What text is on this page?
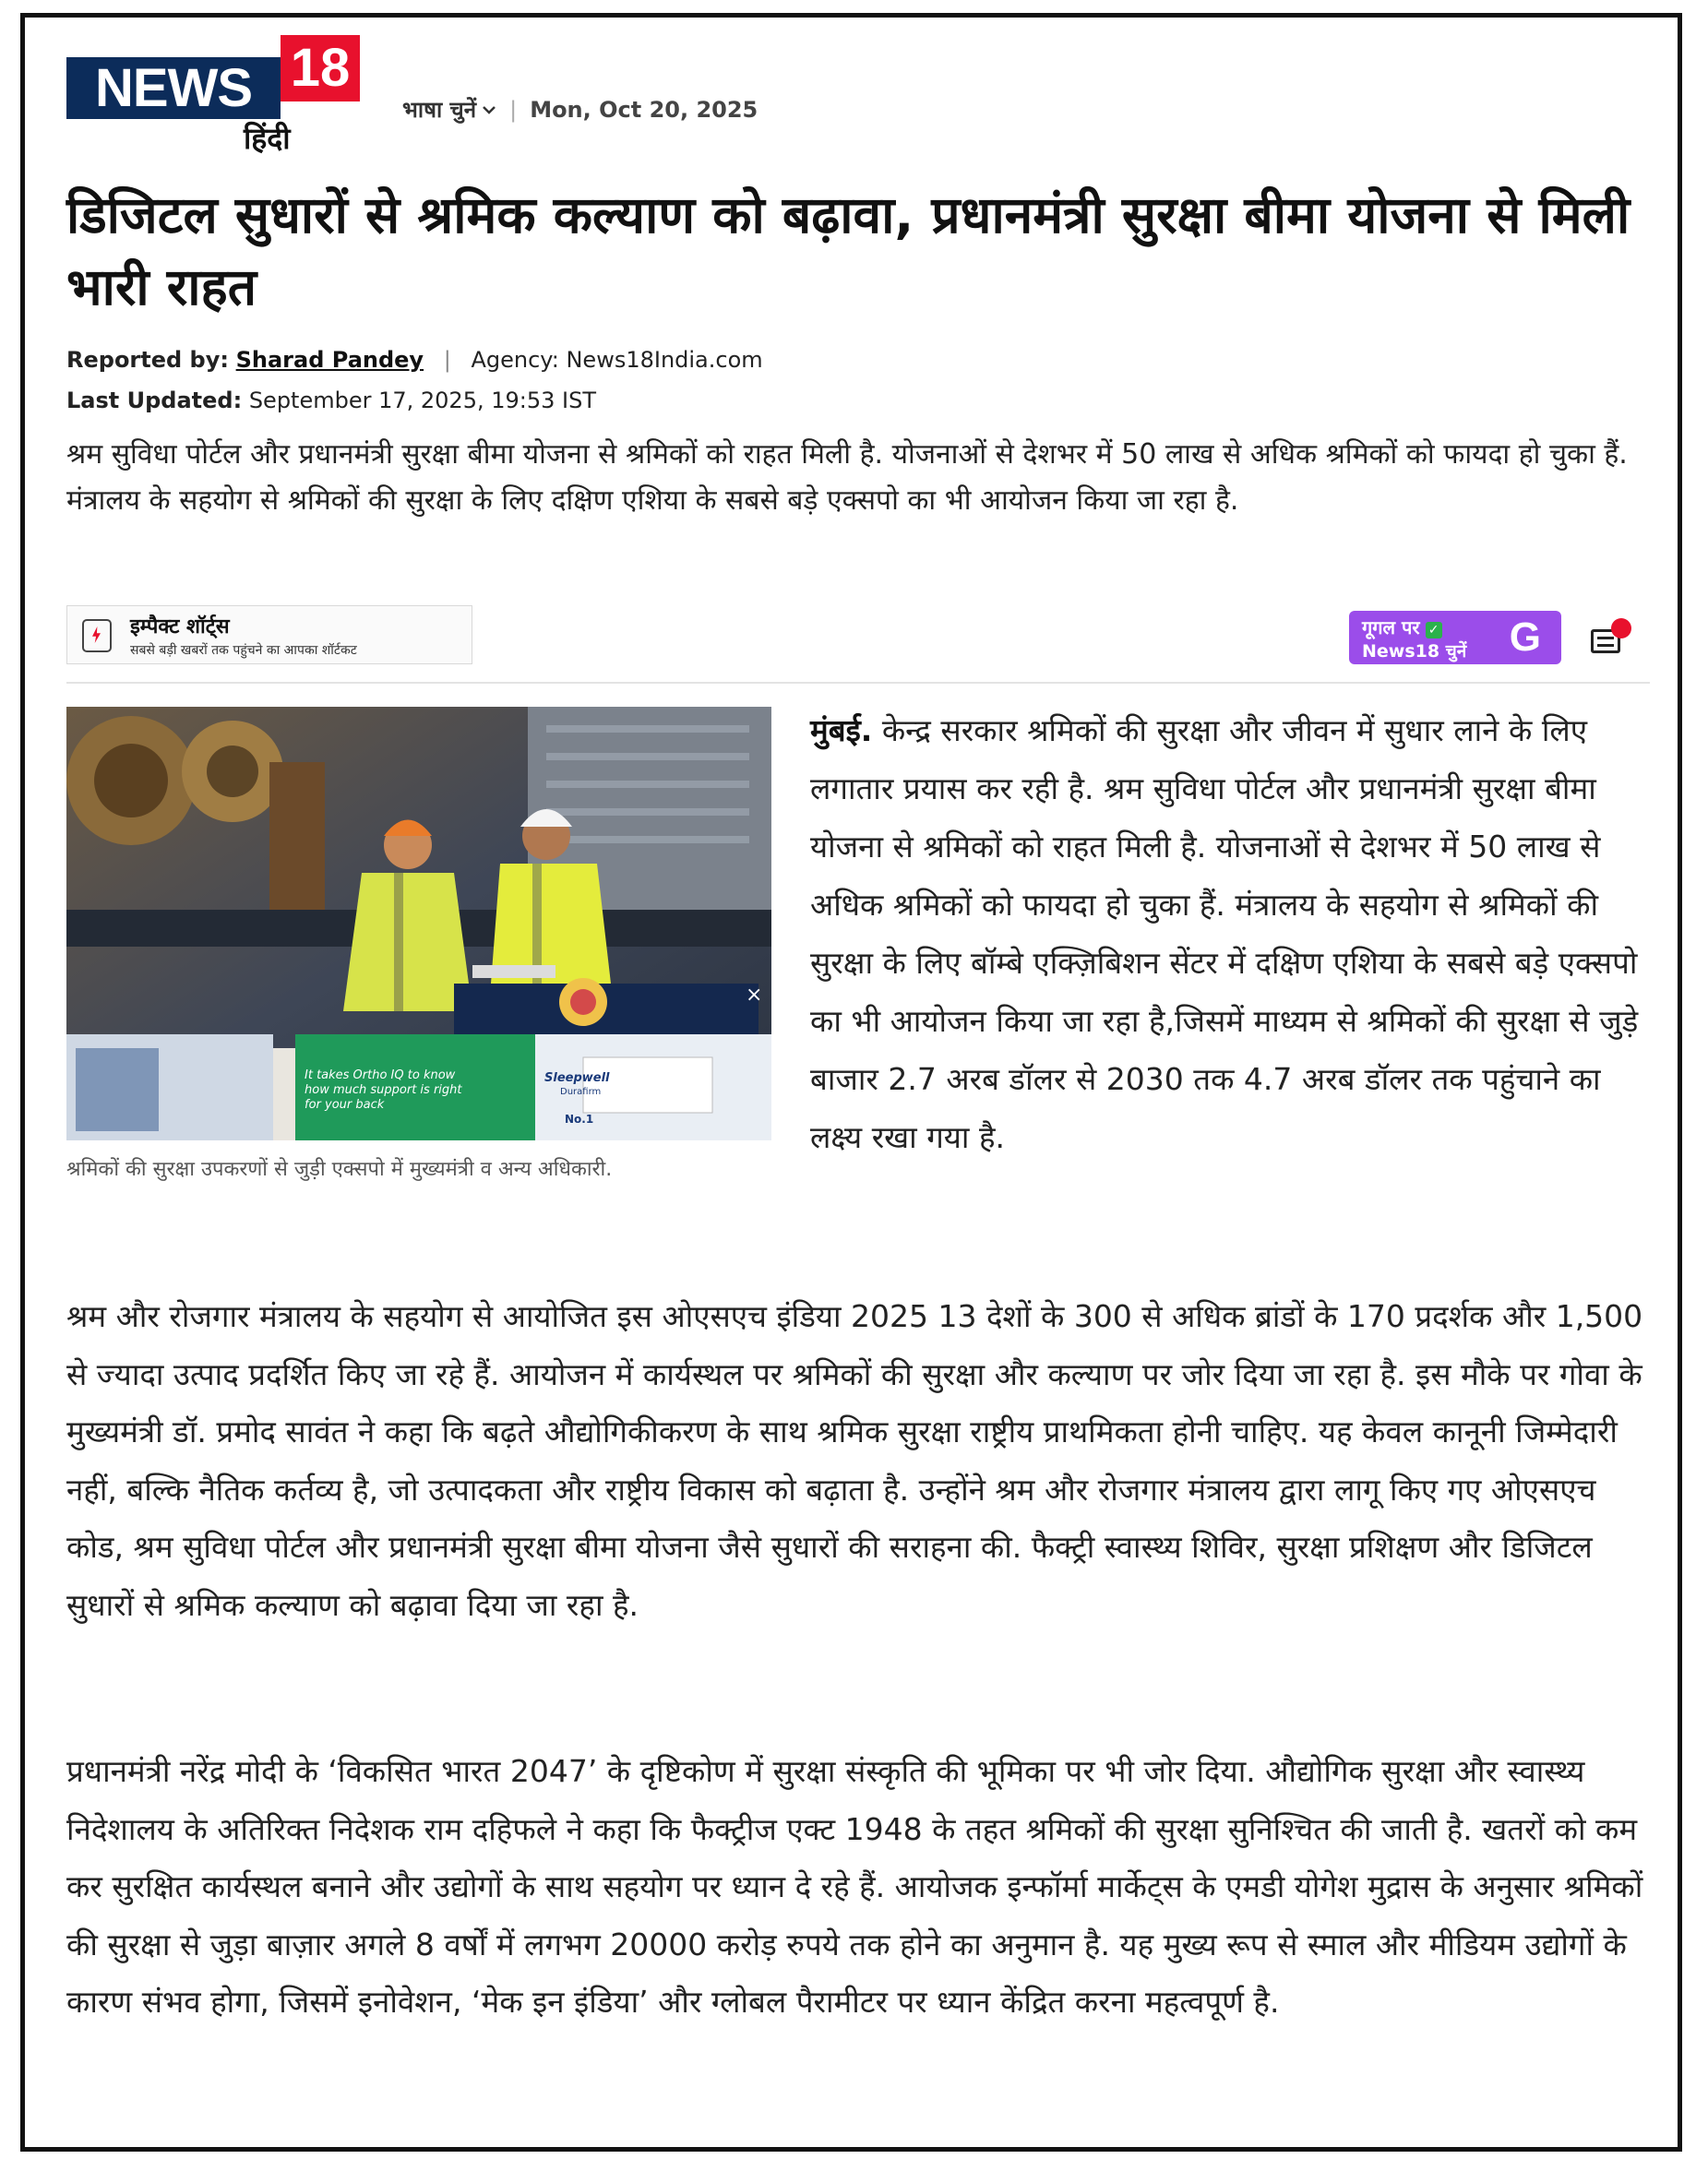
NEWS 18
हिंदी
भाषा चुनें | Mon, Oct 20, 2025
डिजिटल सुधारों से श्रमिक कल्याण को बढ़ावा, प्रधानमंत्री सुरक्षा बीमा योजना से मिली भारी राहत
Reported by: Sharad Pandey | Agency: News18India.com
Last Updated: September 17, 2025, 19:53 IST

श्रम सुविधा पोर्टल और प्रधानमंत्री सुरक्षा बीमा योजना से श्रमिकों को राहत मिली है. योजनाओं से देशभर में 50 लाख से अधिक श्रमिकों को फायदा हो चुका हैं. मंत्रालय के सहयोग से श्रमिकों की सुरक्षा के लिए दक्षिण एशिया के सबसे बड़े एक्सपो का भी आयोजन किया जा रहा है.

इम्पैक्ट शॉर्ट्स
सबसे बड़ी खबरों तक पहुंचने का आपका शॉर्टकट
गूगल पर ✓
News18 चुनें G
It takes Ortho IQ to know how much support is right for your back
Sleepwell
Durafirm
No.1
×
श्रमिकों की सुरक्षा उपकरणों से जुड़ी एक्सपो में मुख्यमंत्री व अन्य अधिकारी.

मुंबई. केन्द्र सरकार श्रमिकों की सुरक्षा और जीवन में सुधार लाने के लिए लगातार प्रयास कर रही है. श्रम सुविधा पोर्टल और प्रधानमंत्री सुरक्षा बीमा योजना से श्रमिकों को राहत मिली है. योजनाओं से देशभर में 50 लाख से अधिक श्रमिकों को फायदा हो चुका हैं. मंत्रालय के सहयोग से श्रमिकों की सुरक्षा के लिए बॉम्बे एक्ज़िबिशन सेंटर में दक्षिण एशिया के सबसे बड़े एक्सपो का भी आयोजन किया जा रहा है,जिसमें माध्यम से श्रमिकों की सुरक्षा से जुड़े बाजार 2.7 अरब डॉलर से 2030 तक 4.7 अरब डॉलर तक पहुंचाने का लक्ष्य रखा गया है.

श्रम और रोजगार मंत्रालय के सहयोग से आयोजित इस ओएसएच इंडिया 2025 13 देशों के 300 से अधिक ब्रांडों के 170 प्रदर्शक और 1,500 से ज्यादा उत्पाद प्रदर्शित किए जा रहे हैं. आयोजन में कार्यस्थल पर श्रमिकों की सुरक्षा और कल्याण पर जोर दिया जा रहा है. इस मौके पर गोवा के मुख्यमंत्री डॉ. प्रमोद सावंत ने कहा कि बढ़ते औद्योगिकीकरण के साथ श्रमिक सुरक्षा राष्ट्रीय प्राथमिकता होनी चाहिए. यह केवल कानूनी जिम्मेदारी नहीं, बल्कि नैतिक कर्तव्य है, जो उत्पादकता और राष्ट्रीय विकास को बढ़ाता है. उन्होंने श्रम और रोजगार मंत्रालय द्वारा लागू किए गए ओएसएच कोड, श्रम सुविधा पोर्टल और प्रधानमंत्री सुरक्षा बीमा योजना जैसे सुधारों की सराहना की. फैक्ट्री स्वास्थ्य शिविर, सुरक्षा प्रशिक्षण और डिजिटल सुधारों से श्रमिक कल्याण को बढ़ावा दिया जा रहा है.

प्रधानमंत्री नरेंद्र मोदी के ‘विकसित भारत 2047’ के दृष्टिकोण में सुरक्षा संस्कृति की भूमिका पर भी जोर दिया. औद्योगिक सुरक्षा और स्वास्थ्य निदेशालय के अतिरिक्त निदेशक राम दहिफले ने कहा कि फैक्ट्रीज एक्ट 1948 के तहत श्रमिकों की सुरक्षा सुनिश्चित की जाती है. खतरों को कम कर सुरक्षित कार्यस्थल बनाने और उद्योगों के साथ सहयोग पर ध्यान दे रहे हैं. आयोजक इन्फॉर्मा मार्केट्स के एमडी योगेश मुद्रास के अनुसार श्रमिकों की सुरक्षा से जुड़ा बाज़ार अगले 8 वर्षों में लगभग 20000 करोड़ रुपये तक होने का अनुमान है. यह मुख्य रूप से स्माल और मीडियम उद्योगों के कारण संभव होगा, जिसमें इनोवेशन, ‘मेक इन इंडिया’ और ग्लोबल पैरामीटर पर ध्यान केंद्रित करना महत्वपूर्ण है.
